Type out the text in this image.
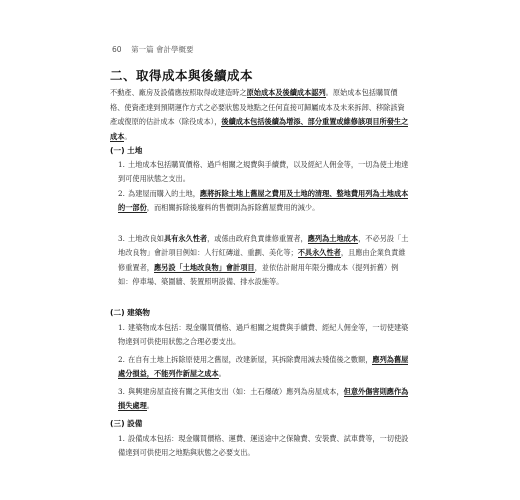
60 第一篇 會計學概要
二、取得成本與後續成本

不動產、廠房及設備應按照取得或建造時之原始成本及後續成本認列。原始成本包括購買價格、使資產達到預期運作方式之必要狀態及地點之任何直接可歸屬成本及未來拆卸、移除該資產或復原的估計成本（除役成本），後續成本包括後續為增添、部分重置或維修該項目所發生之成本。

(一) 土地
1. 土地成本包括購買價格、過戶相關之規費與手續費，以及經紀人佣金等，一切為使土地達到可使用狀態之支出。
2. 為建屋而購入的土地，應將拆除土地上舊屋之費用及土地的清理、整地費用列為土地成本的一部份，而相關拆除後廢料的售價則為拆除舊屋費用的減少。
3. 土地改良如具有永久性者，或係由政府負責維修重置者，應列為土地成本，不必另設「土地改良物」會計項目例如：人行紅磚道、重劃、美化等；不具永久性者，且應由企業負責維修重置者，應另設「土地改良物」會計項目，並依估計耐用年限分攤成本（提列折舊）例如：停車場、築圍牆、裝置照明設備、排水設施等。
(二) 建築物
1. 建築物成本包括：現金購買價格、過戶相關之規費與手續費、經紀人佣金等，一切使建築物達到可供使用狀態之合理必要支出。
2. 在自有土地上拆除原使用之舊屋，改建新屋，其拆除費用減去殘值後之數額，應列為舊屋處分損益，不能列作新屋之成本。
3. 與興建房屋直接有關之其他支出（如：土石爆破）應列為房屋成本，但意外傷害則應作為損失處理。
(三) 設備
1. 設備成本包括：現金購買價格、運費、運送途中之保險費、安裝費、試車費等，一切使設備達到可供使用之地點與狀態之必要支出。
